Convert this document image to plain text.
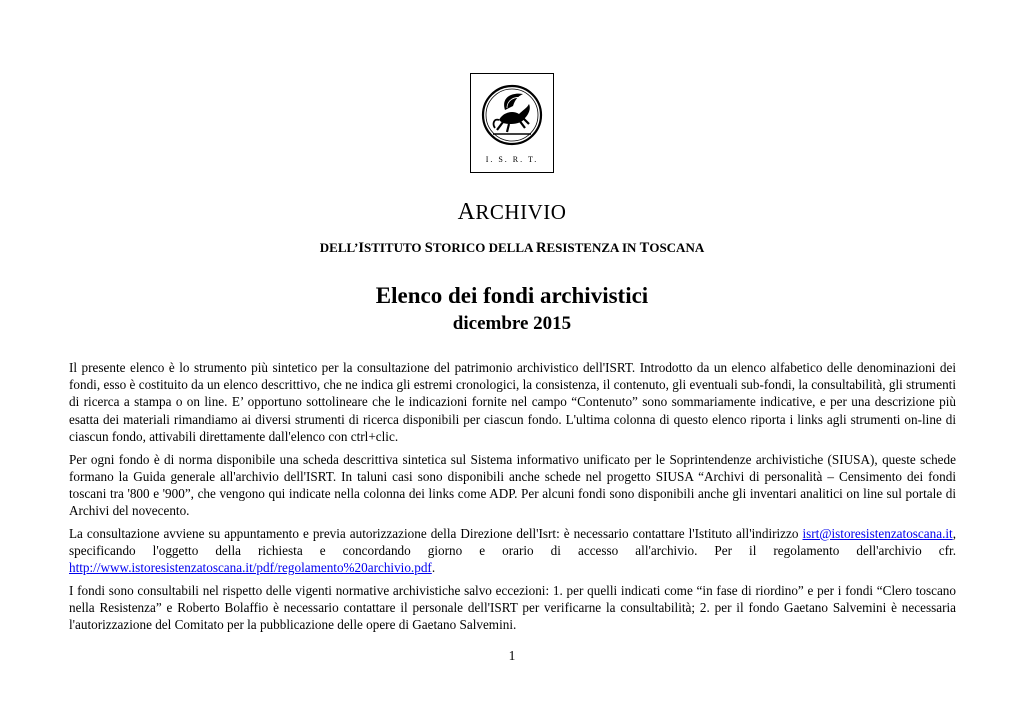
I. S. R. T.
ARCHIVIO
DELL’ISTITUTO STORICO DELLA RESISTENZA IN TOSCANA
Elenco dei fondi archivistici
dicembre 2015

Il presente elenco è lo strumento più sintetico per la consultazione del patrimonio archivistico dell'ISRT. Introdotto da un elenco alfabetico delle denominazioni dei fondi, esso è costituito da un elenco descrittivo, che ne indica gli estremi cronologici, la consistenza, il contenuto, gli eventuali sub-fondi, la consultabilità, gli strumenti di ricerca a stampa o on line. E’ opportuno sottolineare che le indicazioni fornite nel campo “Contenuto” sono sommariamente indicative, e per una descrizione più esatta dei materiali rimandiamo ai diversi strumenti di ricerca disponibili per ciascun fondo. L'ultima colonna di questo elenco riporta i links agli strumenti on-line di ciascun fondo, attivabili direttamente dall'elenco con ctrl+clic.

Per ogni fondo è di norma disponibile una scheda descrittiva sintetica sul Sistema informativo unificato per le Soprintendenze archivistiche (SIUSA), queste schede formano la Guida generale all'archivio dell'ISRT. In taluni casi sono disponibili anche schede nel progetto SIUSA “Archivi di personalità – Censimento dei fondi toscani tra '800 e '900”, che vengono qui indicate nella colonna dei links come ADP. Per alcuni fondi sono disponibili anche gli inventari analitici on line sul portale di Archivi del novecento.

La consultazione avviene su appuntamento e previa autorizzazione della Direzione dell'Isrt: è necessario contattare l'Istituto all'indirizzo isrt@istoresistenzatoscana.it, specificando l'oggetto della richiesta e concordando giorno e orario di accesso all'archivio. Per il regolamento dell'archivio cfr. http://www.istoresistenzatoscana.it/pdf/regolamento%20archivio.pdf.

I fondi sono consultabili nel rispetto delle vigenti normative archivistiche salvo eccezioni: 1. per quelli indicati come “in fase di riordino” e per i fondi “Clero toscano nella Resistenza” e Roberto Bolaffio è necessario contattare il personale dell'ISRT per verificarne la consultabilità; 2. per il fondo Gaetano Salvemini è necessaria l'autorizzazione del Comitato per la pubblicazione delle opere di Gaetano Salvemini.

1
